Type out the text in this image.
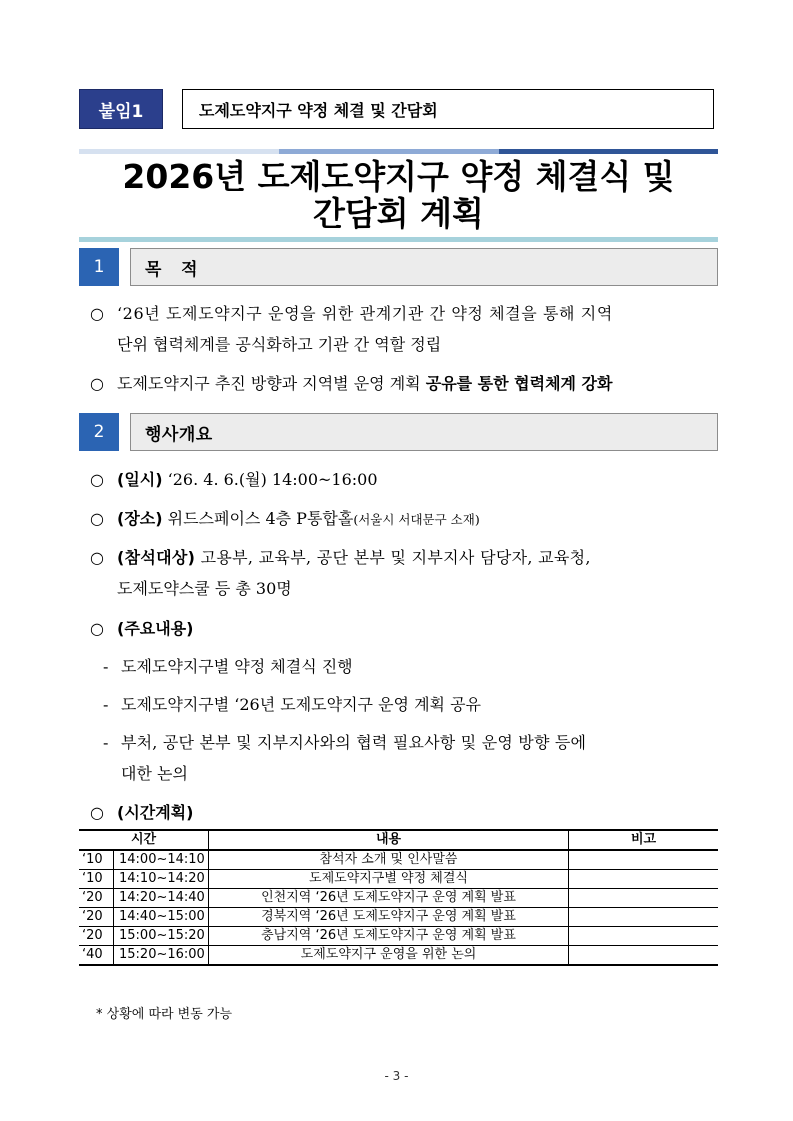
붙임1	도제도약지구 약정 체결 및 간담회
2026년 도제도약지구 약정 체결식 및
간담회 계획
1	목   적
○ ‘26년 도제도약지구 운영을 위한 관계기관 간 약정 체결을 통해 지역
단위 협력체계를 공식화하고 기관 간 역할 정립
○ 도제도약지구 추진 방향과 지역별 운영 계획 공유를 통한 협력체계 강화
2	행사개요
○ (일시) ‘26. 4. 6.(월) 14:00~16:00
○ (장소) 위드스페이스 4층 P통합홀(서울시 서대문구 소재)
○ (참석대상) 고용부, 교육부, 공단 본부 및 지부지사 담당자, 교육청,
도제도약스쿨 등 총 30명
○ (주요내용)
- 도제도약지구별 약정 체결식 진행
- 도제도약지구별 ‘26년 도제도약지구 운영 계획 공유
- 부처, 공단 본부 및 지부지사와의 협력 필요사항 및 운영 방향 등에
대한 논의
○ (시간계획)
시간		내용	비고
‘10	14:00~14:10	참석자 소개 및 인사말씀	
‘10	14:10~14:20	도제도약지구별 약정 체결식	
‘20	14:20~14:40	인천지역 ‘26년 도제도약지구 운영 계획 발표	
‘20	14:40~15:00	경북지역 ‘26년 도제도약지구 운영 계획 발표	
‘20	15:00~15:20	충남지역 ‘26년 도제도약지구 운영 계획 발표	
‘40	15:20~16:00	도제도약지구 운영을 위한 논의	
* 상황에 따라 변동 가능
- 3 -
